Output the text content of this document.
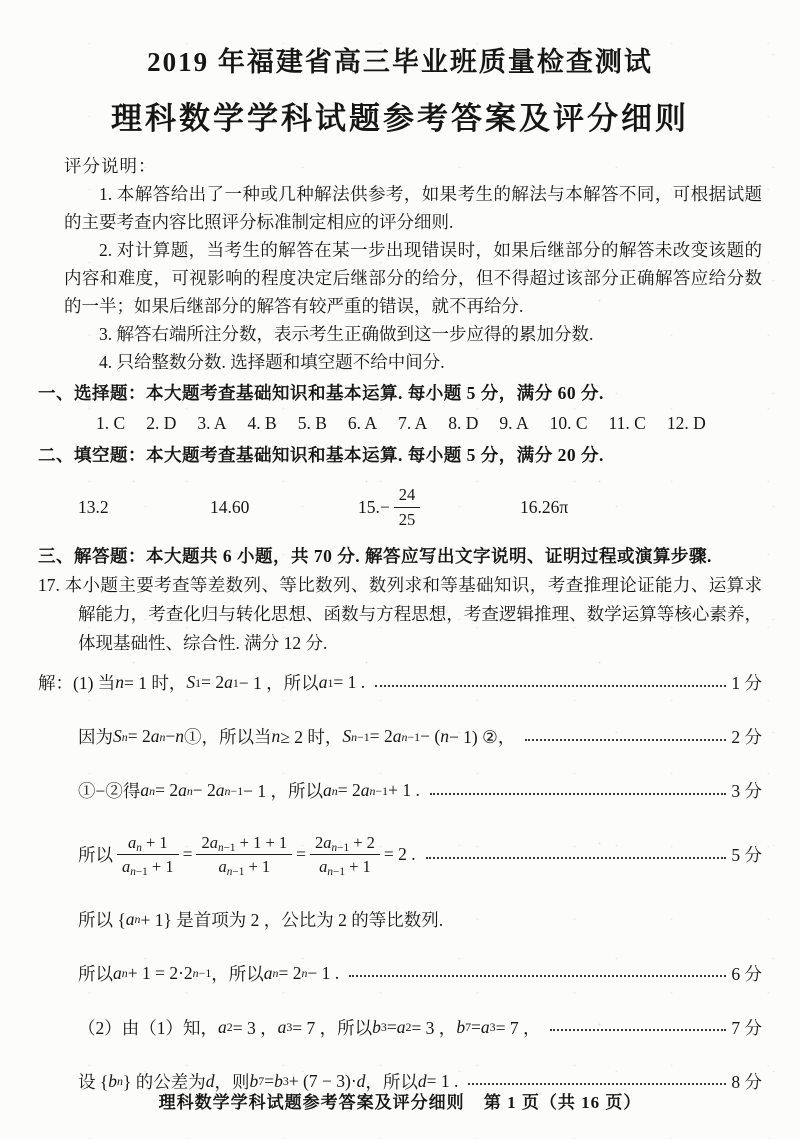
2019 年福建省高三毕业班质量检查测试
理科数学学科试题参考答案及评分细则
评分说明：

1. 本解答给出了一种或几种解法供参考，如果考生的解法与本解答不同，可根据试题的主要考查内容比照评分标准制定相应的评分细则.

2. 对计算题，当考生的解答在某一步出现错误时，如果后继部分的解答未改变该题的内容和难度，可视影响的程度决定后继部分的给分，但不得超过该部分正确解答应给分数的一半；如果后继部分的解答有较严重的错误，就不再给分.

3. 解答右端所注分数，表示考生正确做到这一步应得的累加分数.

4. 只给整数分数. 选择题和填空题不给中间分.

一、选择题：本大题考查基础知识和基本运算. 每小题 5 分，满分 60 分.
1. C 2. D 3. A 4. B 5. B 6. A 7. A 8. D 9. A 10. C 11. C 12. D
二、填空题：本大题考查基础知识和基本运算. 每小题 5 分，满分 20 分.
13. 2	14. 60	15. − $\frac{24}{25}$	16. 26π
三、解答题：本大题共 6 小题，共 70 分. 解答应写出文字说明、证明过程或演算步骤.

17. 本小题主要考查等差数列、等比数列、数列求和等基础知识，考查推理论证能力、运算求解能力，考查化归与转化思想、函数与方程思想，考查逻辑推理、数学运算等核心素养，体现基础性、综合性. 满分 12 分.

解：(1) 当 n = 1 时， S 1 = 2 a 1 − 1 ，所以 a 1 = 1 .	1 分
因为 S n = 2 a n − n ①，所以当 n ≥ 2 时， S n−1 = 2 a n−1 − ( n − 1) ②，	2 分
①−②得 a n = 2 a n − 2 a n−1 − 1 ，所以 a n = 2 a n−1 + 1 .	3 分
所以 $\frac{a_n + 1}{a_{n-1} + 1} = \frac{2a_{n-1} + 1 + 1}{a_{n-1} + 1} = \frac{2a_{n-1} + 2}{a_{n-1} + 1} = 2$ .	5 分
所以 { a n + 1} 是首项为 2 ，公比为 2 的等比数列.
所以 a n + 1 = 2·2 n−1 ，所以 a n = 2 n − 1 .	6 分
（2）由（1）知， a 2 = 3 ， a 3 = 7 ，所以 b 3 = a 2 = 3 ， b 7 = a 3 = 7 ，	7 分
设 { b n } 的公差为 d ，则 b 7 = b 3 + (7 − 3)· d ，所以 d = 1 .	8 分
理科数学学科试题参考答案及评分细则 第 1 页（共 16 页）
